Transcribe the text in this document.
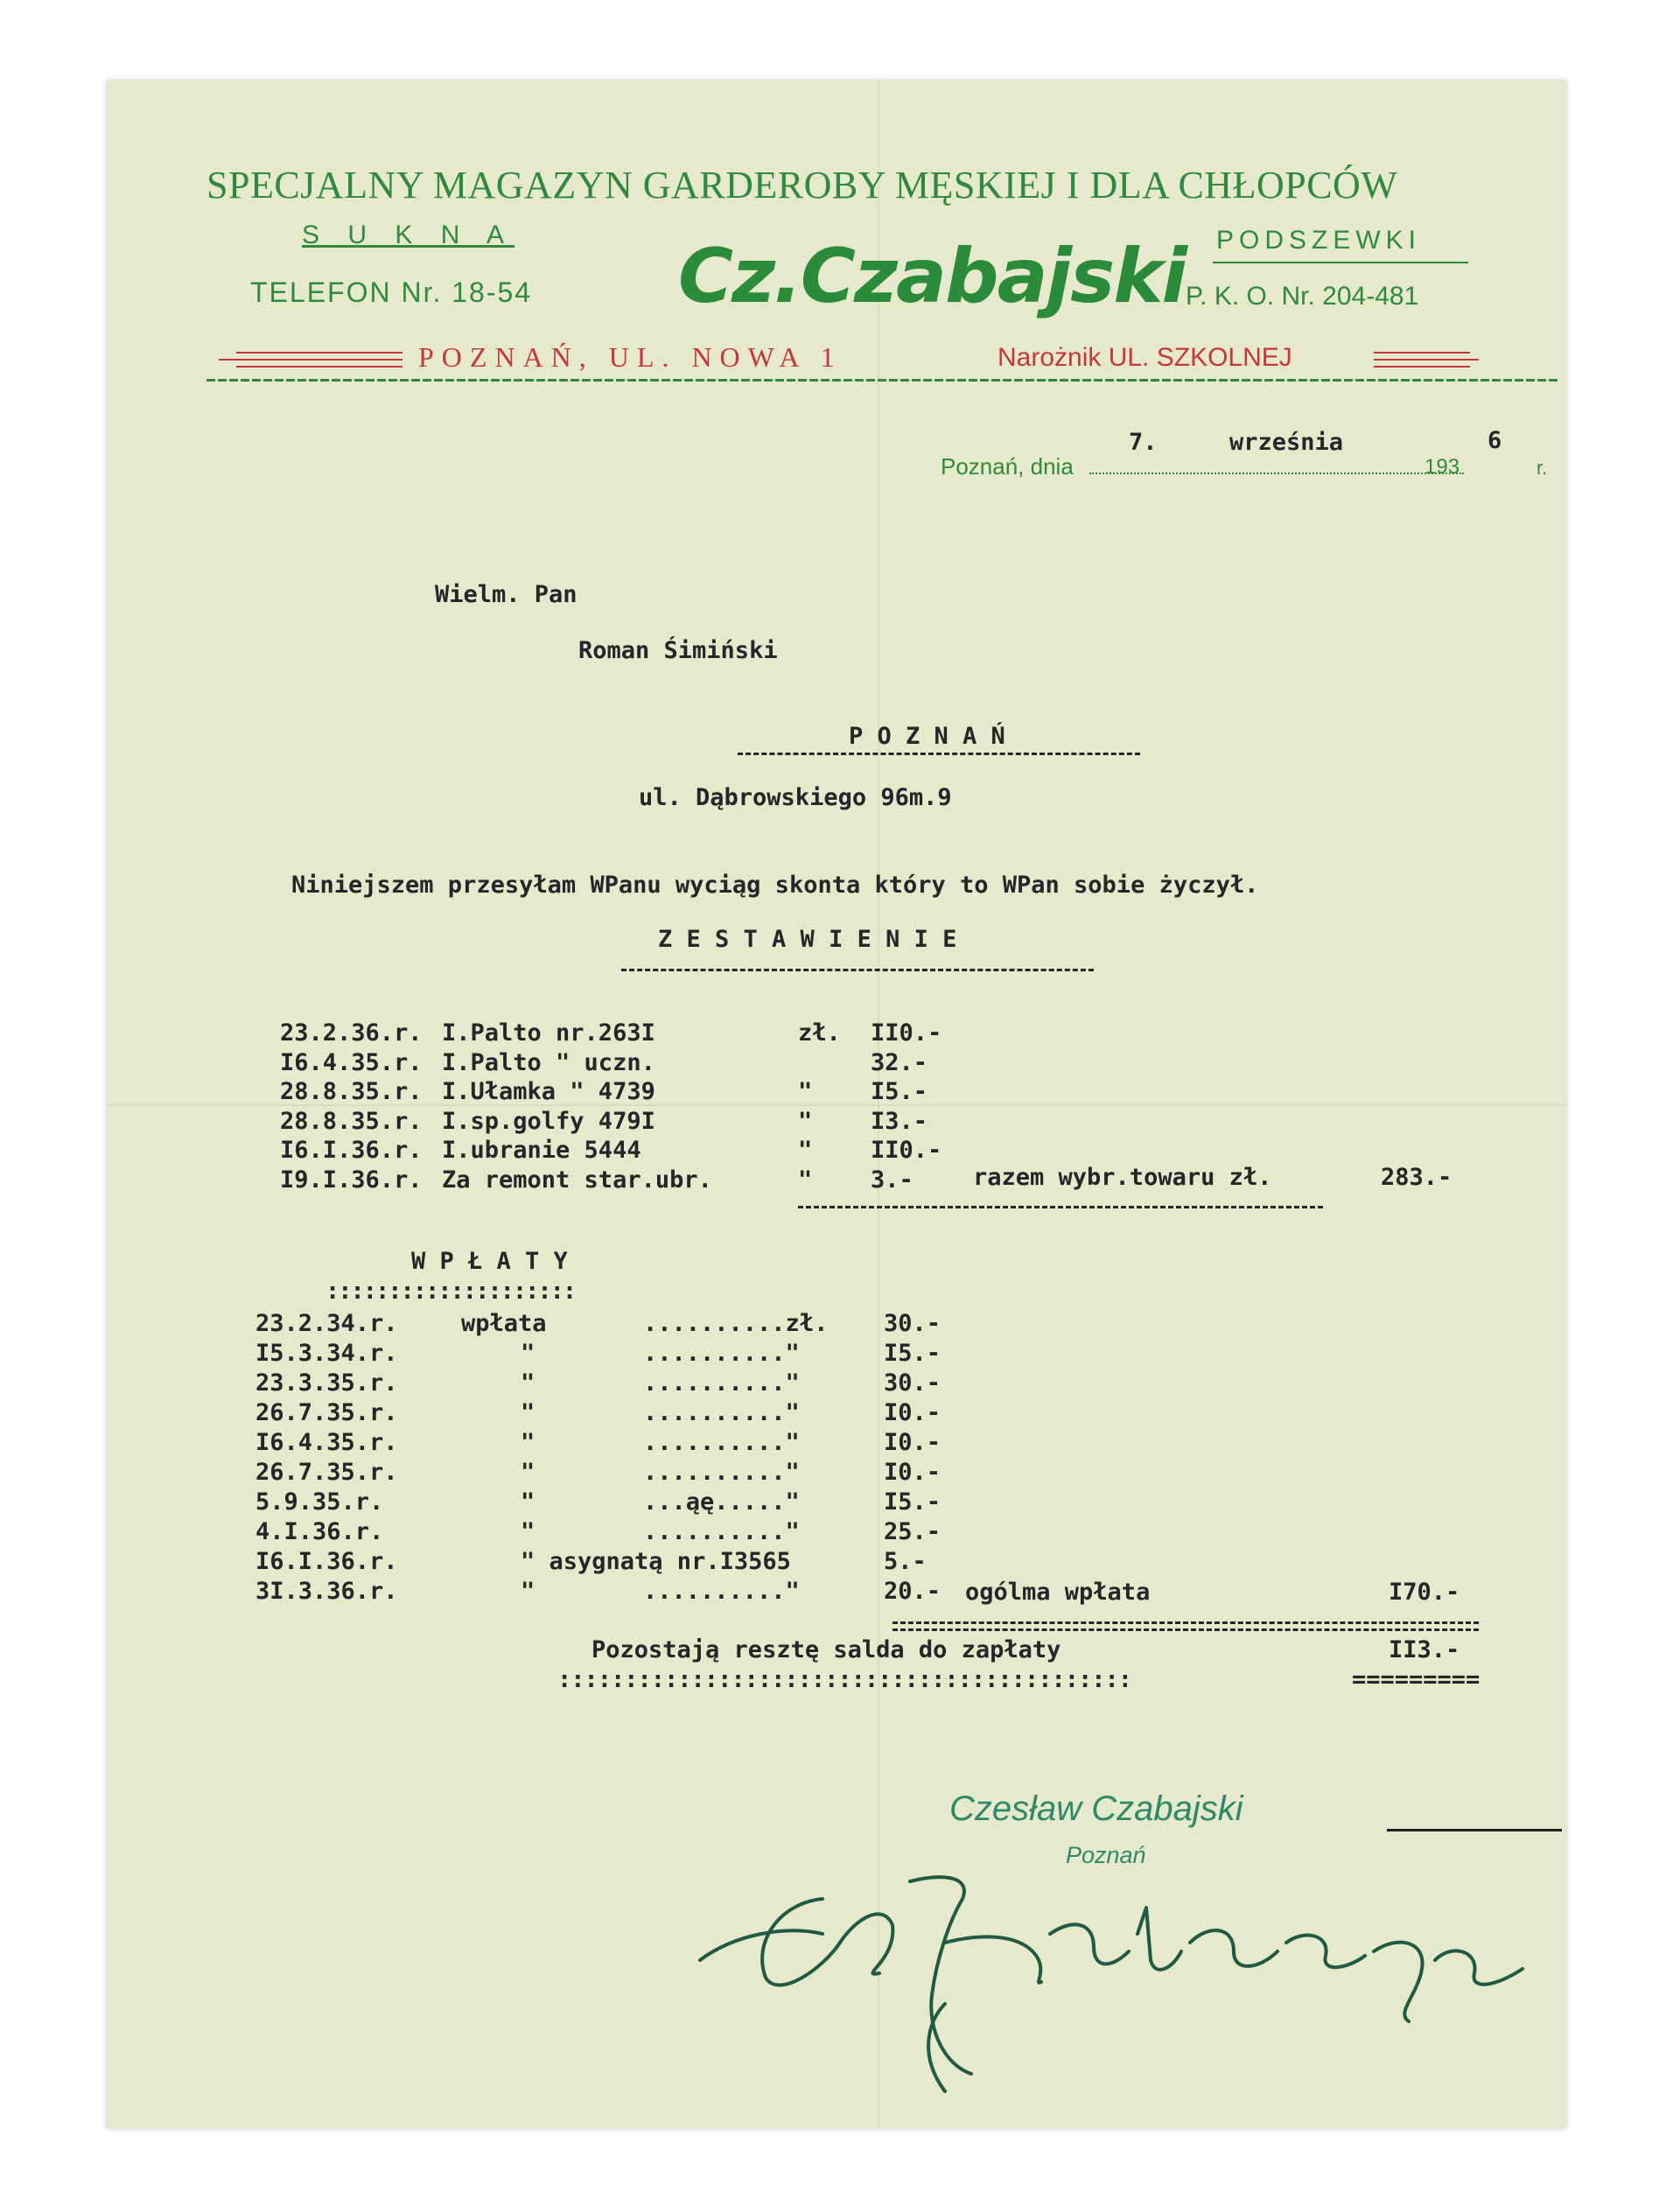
SPECJALNY MAGAZYN GARDEROBY MĘSKIEJ I DLA CHŁOPCÓW
S U K N A
TELEFON Nr. 18-54 Cz.Czabajski PODSZEWKI
P. K. O. Nr. 204-481
POZNAŃ, UL. NOWA 1	Narożnik UL. SZKOLNEJ
Poznań, dnia
7.	września
193
6
r.
Wielm. Pan
Roman Śimiński
P O Z N A Ń
ul. Dąbrowskiego 96m.9
Niniejszem przesyłam WPanu wyciąg skonta który to WPan sobie życzył.
Z E S T A W I E N I E
23.2.36.r. I.Palto nr.263I	zł. II0.-
I6.4.35.r. I.Palto " uczn.	32.-
28.8.35.r. I.Ułamka " 4739	" I5.-
28.8.35.r. I.sp.golfy 479I	" I3.-
I6.I.36.r. I.ubranie 5444	" II0.-
I9.I.36.r. Za remont star.ubr.	" 3.-	razem wybr.towaru zł.	283.-
W P Ł A T Y
::::::::::::::::::::
23.2.34.r.	wpłata	..........zł. 30.-
I5.3.34.r.	"	.........."	I5.-
23.3.35.r.	"	.........."	30.-
26.7.35.r.	"	.........."	I0.-
I6.4.35.r.	"	.........."	I0.-
26.7.35.r.	"	.........."	I0.-
5.9.35.r.	"	...ąę....."	I5.-
4.I.36.r.	"	.........."	25.-
I6.I.36.r.	" asygnatą nr.I3565	5.-
3I.3.36.r.	"	.........."	20.- ogólma wpłata	I70.-
Pozostają resztę salda do zapłaty	II3.-
:::::::::::::::::::::::::::::::::::::::::::	=========
Czesław Czabajski
Poznań
